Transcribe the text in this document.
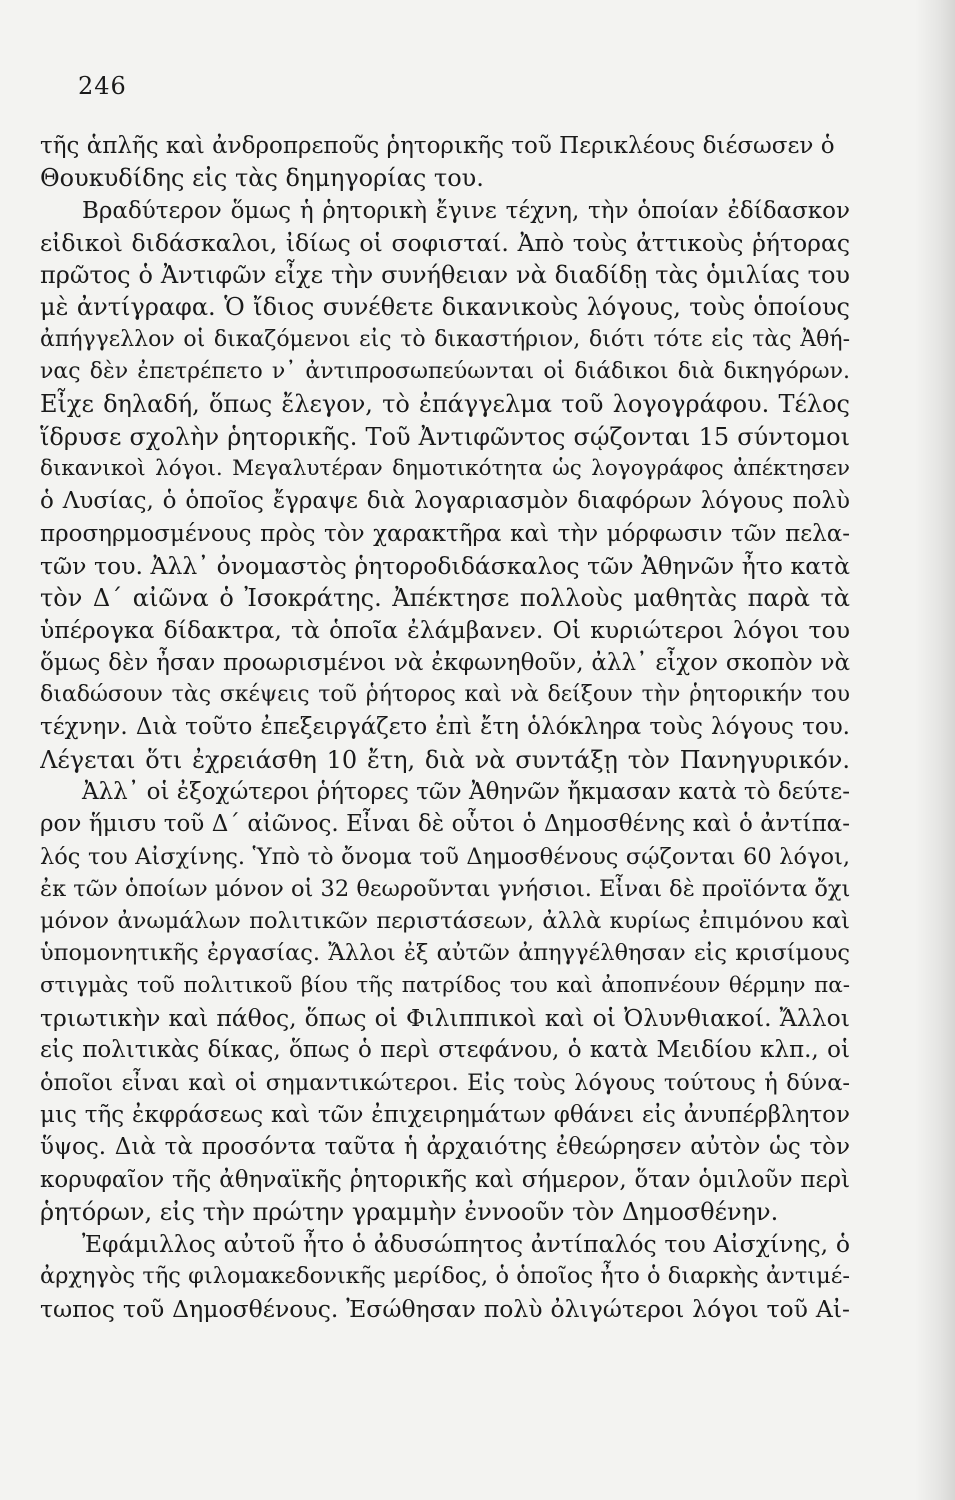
246
τῆς ἁπλῆς καὶ ἀνδροπρεποῦς ῥητορικῆς τοῦ Περικλέους διέσωσεν ὁ
Θουκυδίδης εἰς τὰς δημηγορίας του.
Βραδύτερον ὅμως ἡ ῥητορικὴ ἔγινε τέχνη, τὴν ὁποίαν ἐδίδασκον
εἰδικοὶ διδάσκαλοι, ἰδίως οἱ σοφισταί. Ἀπὸ τοὺς ἀττικοὺς ῥήτορας
πρῶτος ὁ Ἀντιφῶν εἶχε τὴν συνήθειαν νὰ διαδίδῃ τὰς ὁμιλίας του
μὲ ἀντίγραφα. Ὁ ἴδιος συνέθετε δικανικοὺς λόγους, τοὺς ὁποίους
ἀπήγγελλον οἱ δικαζόμενοι εἰς τὸ δικαστήριον, διότι τότε εἰς τὰς Ἀθή-
νας δὲν ἐπετρέπετο ν᾽ ἀντιπροσωπεύωνται οἱ διάδικοι διὰ δικηγόρων.
Εἶχε δηλαδή, ὅπως ἔλεγον, τὸ ἐπάγγελμα τοῦ λογογράφου. Τέλος
ἵδρυσε σχολὴν ῥητορικῆς. Τοῦ Ἀντιφῶντος σῴζονται 15 σύντομοι
δικανικοὶ λόγοι. Μεγαλυτέραν δημοτικότητα ὡς λογογράφος ἀπέκτησεν
ὁ Λυσίας, ὁ ὁποῖος ἔγραψε διὰ λογαριασμὸν διαφόρων λόγους πολὺ
προσηρμοσμένους πρὸς τὸν χαρακτῆρα καὶ τὴν μόρφωσιν τῶν πελα-
τῶν του. Ἀλλ᾽ ὀνομαστὸς ῥητοροδιδάσκαλος τῶν Ἀθηνῶν ἦτο κατὰ
τὸν Δ´ αἰῶνα ὁ Ἰσοκράτης. Ἀπέκτησε πολλοὺς μαθητὰς παρὰ τὰ
ὑπέρογκα δίδακτρα, τὰ ὁποῖα ἐλάμβανεν. Οἱ κυριώτεροι λόγοι του
ὅμως δὲν ἦσαν προωρισμένοι νὰ ἐκφωνηθοῦν, ἀλλ᾽ εἶχον σκοπὸν νὰ
διαδώσουν τὰς σκέψεις τοῦ ῥήτορος καὶ νὰ δείξουν τὴν ῥητορικήν του
τέχνην. Διὰ τοῦτο ἐπεξειργάζετο ἐπὶ ἔτη ὁλόκληρα τοὺς λόγους του.
Λέγεται ὅτι ἐχρειάσθη 10 ἔτη, διὰ νὰ συντάξῃ τὸν Πανηγυρικόν.
Ἀλλ᾽ οἱ ἐξοχώτεροι ῥήτορες τῶν Ἀθηνῶν ἤκμασαν κατὰ τὸ δεύτε-
ρον ἥμισυ τοῦ Δ´ αἰῶνος. Εἶναι δὲ οὗτοι ὁ Δημοσθένης καὶ ὁ ἀντίπα-
λός του Αἰσχίνης. Ὑπὸ τὸ ὄνομα τοῦ Δημοσθένους σῴζονται 60 λόγοι,
ἐκ τῶν ὁποίων μόνον οἱ 32 θεωροῦνται γνήσιοι. Εἶναι δὲ προϊόντα ὄχι
μόνον ἀνωμάλων πολιτικῶν περιστάσεων, ἀλλὰ κυρίως ἐπιμόνου καὶ
ὑπομονητικῆς ἐργασίας. Ἄλλοι ἐξ αὐτῶν ἀπηγγέλθησαν εἰς κρισίμους
στιγμὰς τοῦ πολιτικοῦ βίου τῆς πατρίδος του καὶ ἀποπνέουν θέρμην πα-
τριωτικὴν καὶ πάθος, ὅπως οἱ Φιλιππικοὶ καὶ οἱ Ὀλυνθιακοί. Ἄλλοι
εἰς πολιτικὰς δίκας, ὅπως ὁ περὶ στεφάνου, ὁ κατὰ Μειδίου κλπ., οἱ
ὁποῖοι εἶναι καὶ οἱ σημαντικώτεροι. Εἰς τοὺς λόγους τούτους ἡ δύνα-
μις τῆς ἐκφράσεως καὶ τῶν ἐπιχειρημάτων φθάνει εἰς ἀνυπέρβλητον
ὕψος. Διὰ τὰ προσόντα ταῦτα ἡ ἀρχαιότης ἐθεώρησεν αὐτὸν ὡς τὸν
κορυφαῖον τῆς ἀθηναϊκῆς ῥητορικῆς καὶ σήμερον, ὅταν ὁμιλοῦν περὶ
ῥητόρων, εἰς τὴν πρώτην γραμμὴν ἐννοοῦν τὸν Δημοσθένην.
Ἐφάμιλλος αὐτοῦ ἦτο ὁ ἀδυσώπητος ἀντίπαλός του Αἰσχίνης, ὁ
ἀρχηγὸς τῆς φιλομακεδονικῆς μερίδος, ὁ ὁποῖος ἦτο ὁ διαρκὴς ἀντιμέ-
τωπος τοῦ Δημοσθένους. Ἐσώθησαν πολὺ ὀλιγώτεροι λόγοι τοῦ Αἰ-
